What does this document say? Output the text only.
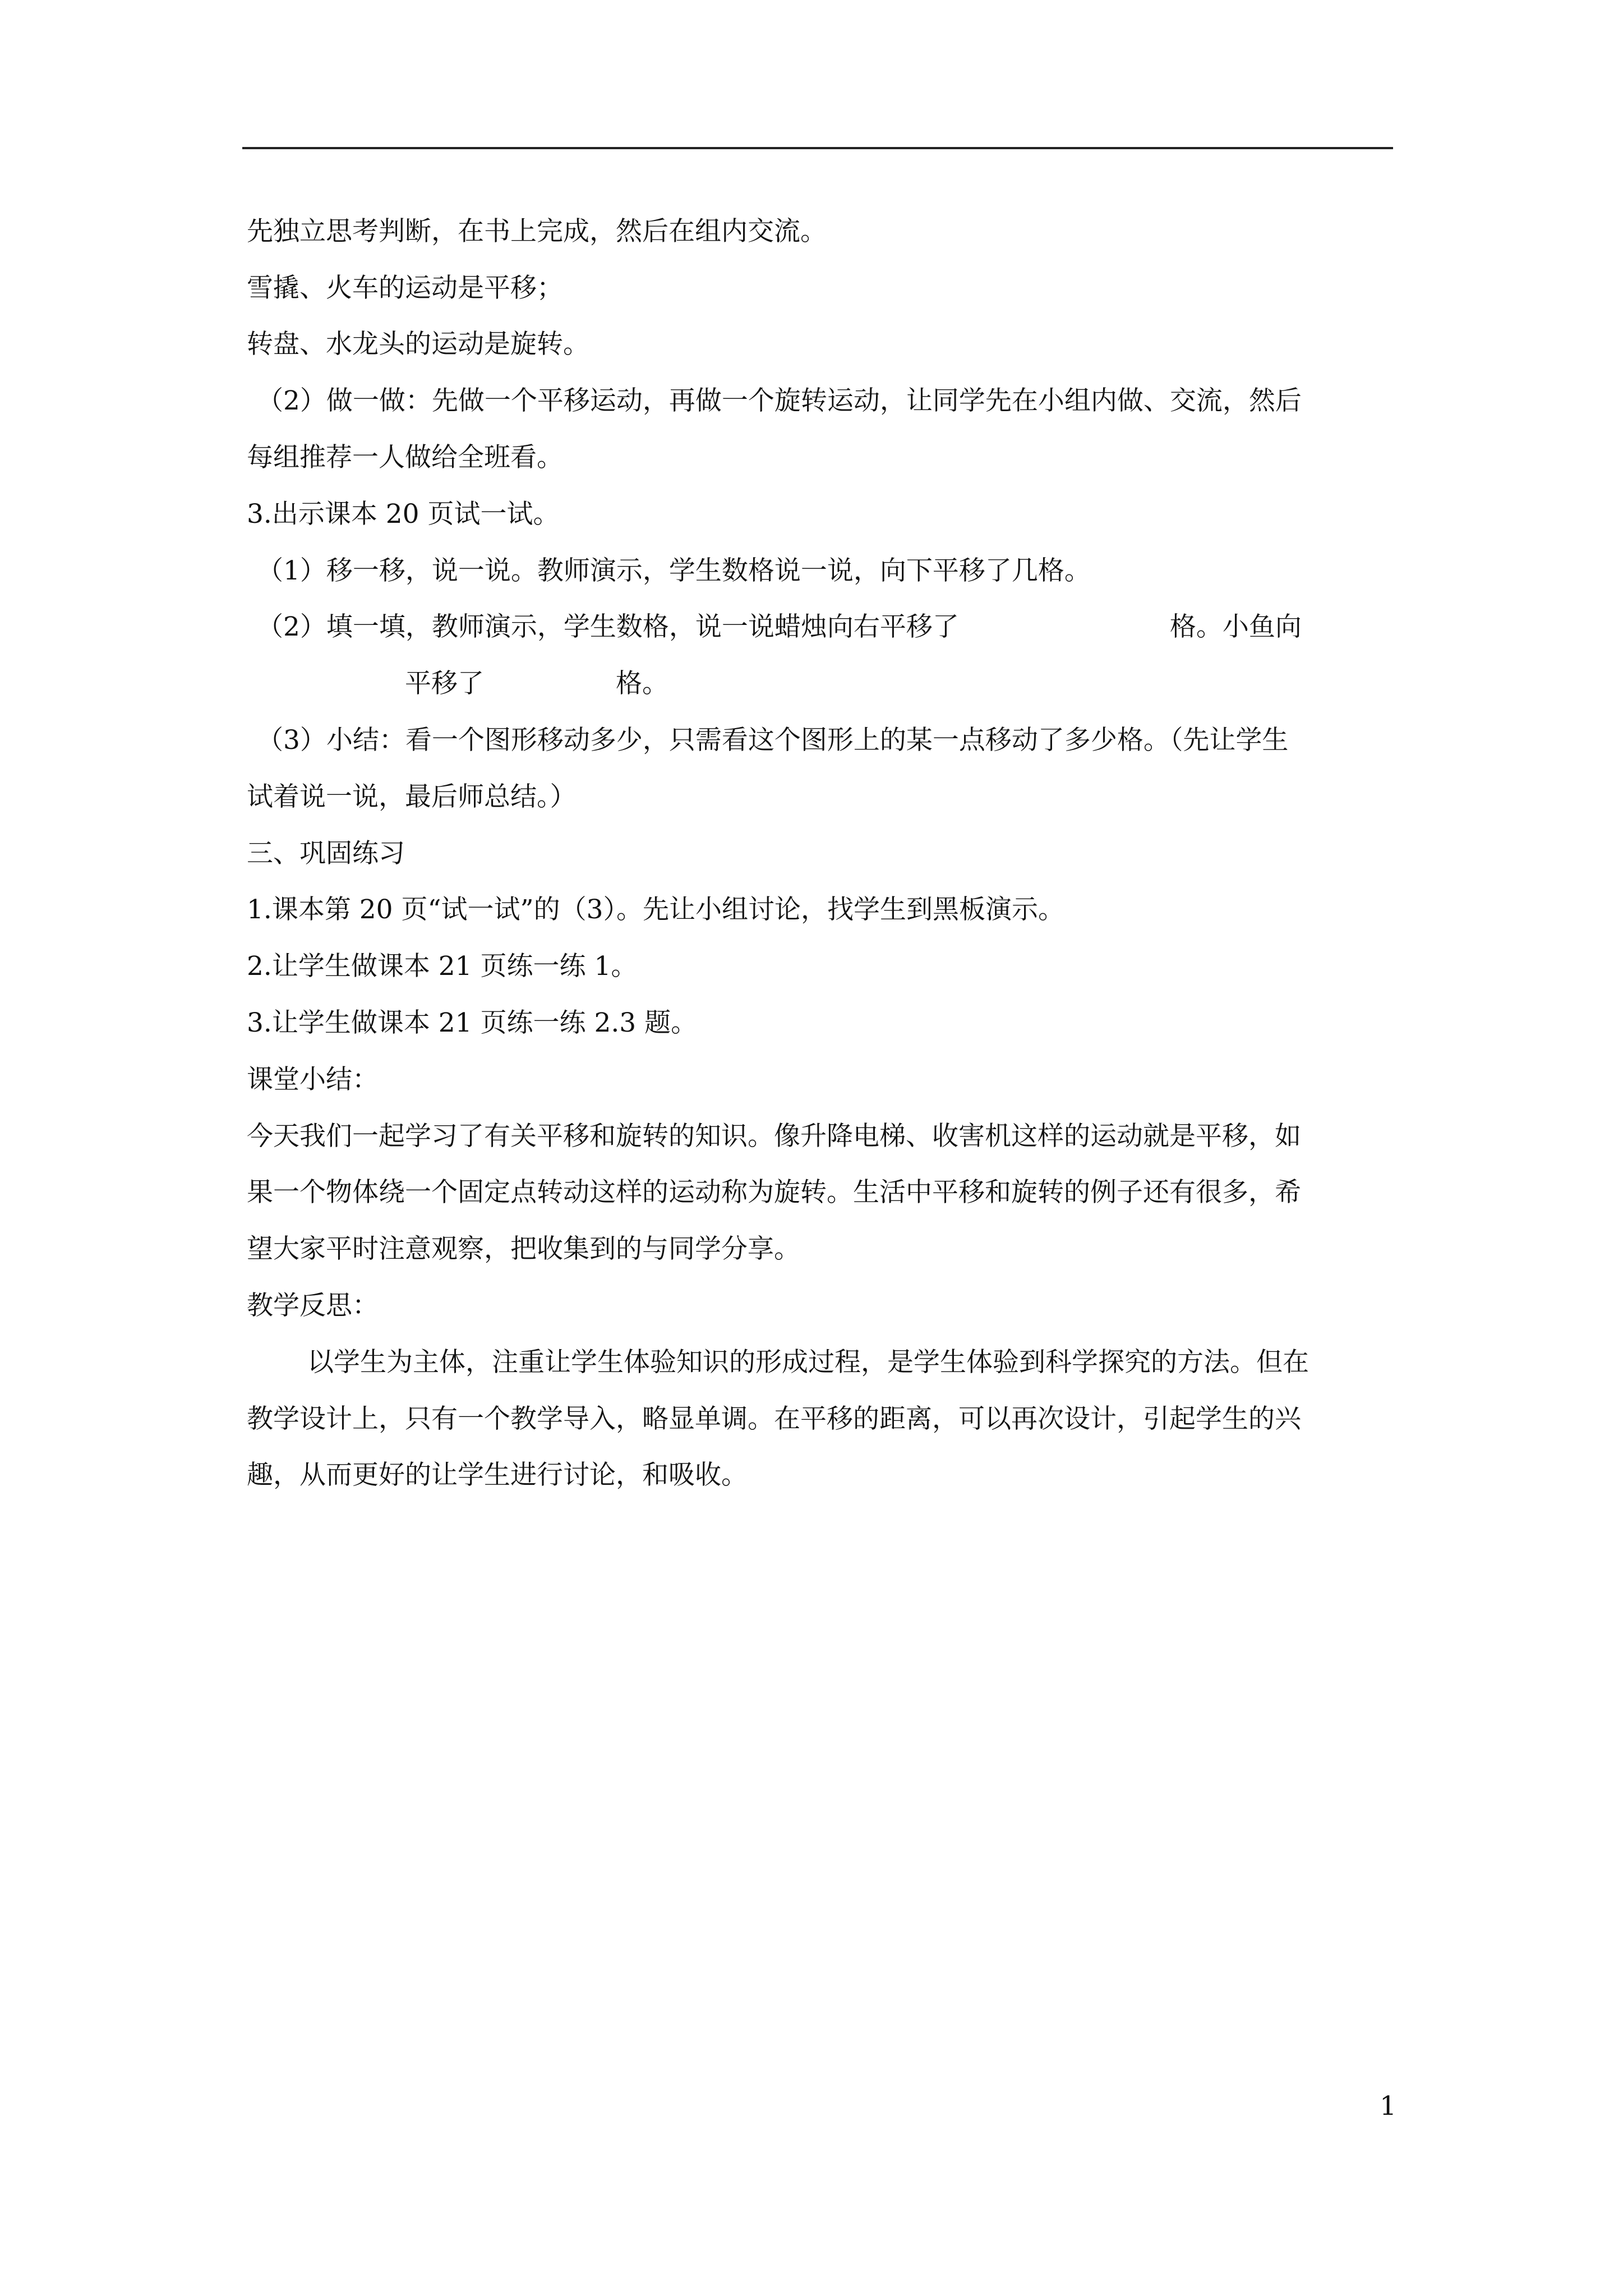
先独立思考判断，在书上完成，然后在组内交流。
雪撬、火车的运动是平移；
转盘、水龙头的运动是旋转。
（2）做一做：先做一个平移运动，再做一个旋转运动，让同学先在小组内做、交流，然后
每组推荐一人做给全班看。
3.出示课本 20 页试一试。
（1）移一移，说一说。教师演示，学生数格说一说，向下平移了几格。
（2）填一填，教师演示，学生数格，说一说蜡烛向右平移了　　　　　　　　格。小鱼向
　　　　　　平移了　　　　　格。
（3）小结：看一个图形移动多少，只需看这个图形上的某一点移动了多少格。（先让学生
试着说一说，最后师总结。）
三、巩固练习
1.课本第 20 页“试一试”的（3）。先让小组讨论，找学生到黑板演示。
2.让学生做课本 21 页练一练 1。
3.让学生做课本 21 页练一练 2.3 题。
课堂小结：
今天我们一起学习了有关平移和旋转的知识。像升降电梯、收害机这样的运动就是平移，如
果一个物体绕一个固定点转动这样的运动称为旋转。生活中平移和旋转的例子还有很多，希
望大家平时注意观察，把收集到的与同学分享。
教学反思：
以学生为主体，注重让学生体验知识的形成过程，是学生体验到科学探究的方法。但在
教学设计上，只有一个教学导入，略显单调。在平移的距离，可以再次设计，引起学生的兴
趣，从而更好的让学生进行讨论，和吸收。
1
